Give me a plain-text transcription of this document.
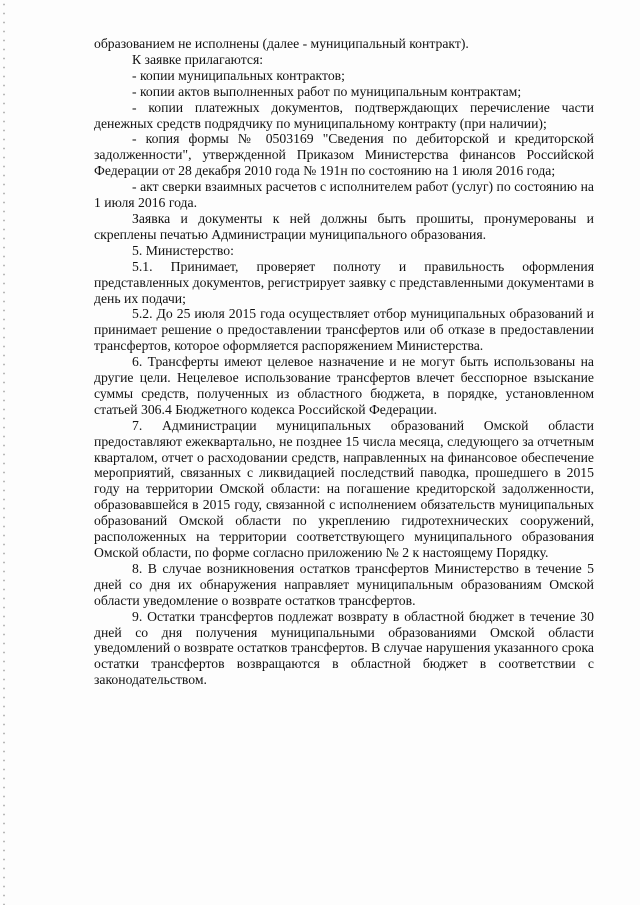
образованием не исполнены (далее - муниципальный контракт).

К заявке прилагаются:

- копии муниципальных контрактов;

- копии актов выполненных работ по муниципальным контрактам;

- копии платежных документов, подтверждающих перечисление части денежных средств подрядчику по муниципальному контракту (при наличии);

- копия формы № 0503169 "Сведения по дебиторской и кредиторской задолженности", утвержденной Приказом Министерства финансов Российской Федерации от 28 декабря 2010 года № 191н по состоянию на 1 июля 2016 года;

- акт сверки взаимных расчетов с исполнителем работ (услуг) по состоянию на 1 июля 2016 года.

Заявка и документы к ней должны быть прошиты, пронумерованы и скреплены печатью Администрации муниципального образования.

5. Министерство:

5.1. Принимает, проверяет полноту и правильность оформления представленных документов, регистрирует заявку с представленными документами в день их подачи;

5.2. До 25 июля 2015 года осуществляет отбор муниципальных образований и принимает решение о предоставлении трансфертов или об отказе в предоставлении трансфертов, которое оформляется распоряжением Министерства.

6. Трансферты имеют целевое назначение и не могут быть использованы на другие цели. Нецелевое использование трансфертов влечет бесспорное взыскание суммы средств, полученных из областного бюджета, в порядке, установленном статьей 306.4 Бюджетного кодекса Российской Федерации.

7. Администрации муниципальных образований Омской области предоставляют ежеквартально, не позднее 15 числа месяца, следующего за отчетным кварталом, отчет о расходовании средств, направленных на финансовое обеспечение мероприятий, связанных с ликвидацией последствий паводка, прошедшего в 2015 году на территории Омской области: на погашение кредиторской задолженности, образовавшейся в 2015 году, связанной с исполнением обязательств муниципальных образований Омской области по укреплению гидротехнических сооружений, расположенных на территории соответствующего муниципального образования Омской области, по форме согласно приложению № 2 к настоящему Порядку.

8. В случае возникновения остатков трансфертов Министерство в течение 5 дней со дня их обнаружения направляет муниципальным образованиям Омской области уведомление о возврате остатков трансфертов.

9. Остатки трансфертов подлежат возврату в областной бюджет в течение 30 дней со дня получения муниципальными образованиями Омской области уведомлений о возврате остатков трансфертов. В случае нарушения указанного срока остатки трансфертов возвращаются в областной бюджет в соответствии с законодательством.
